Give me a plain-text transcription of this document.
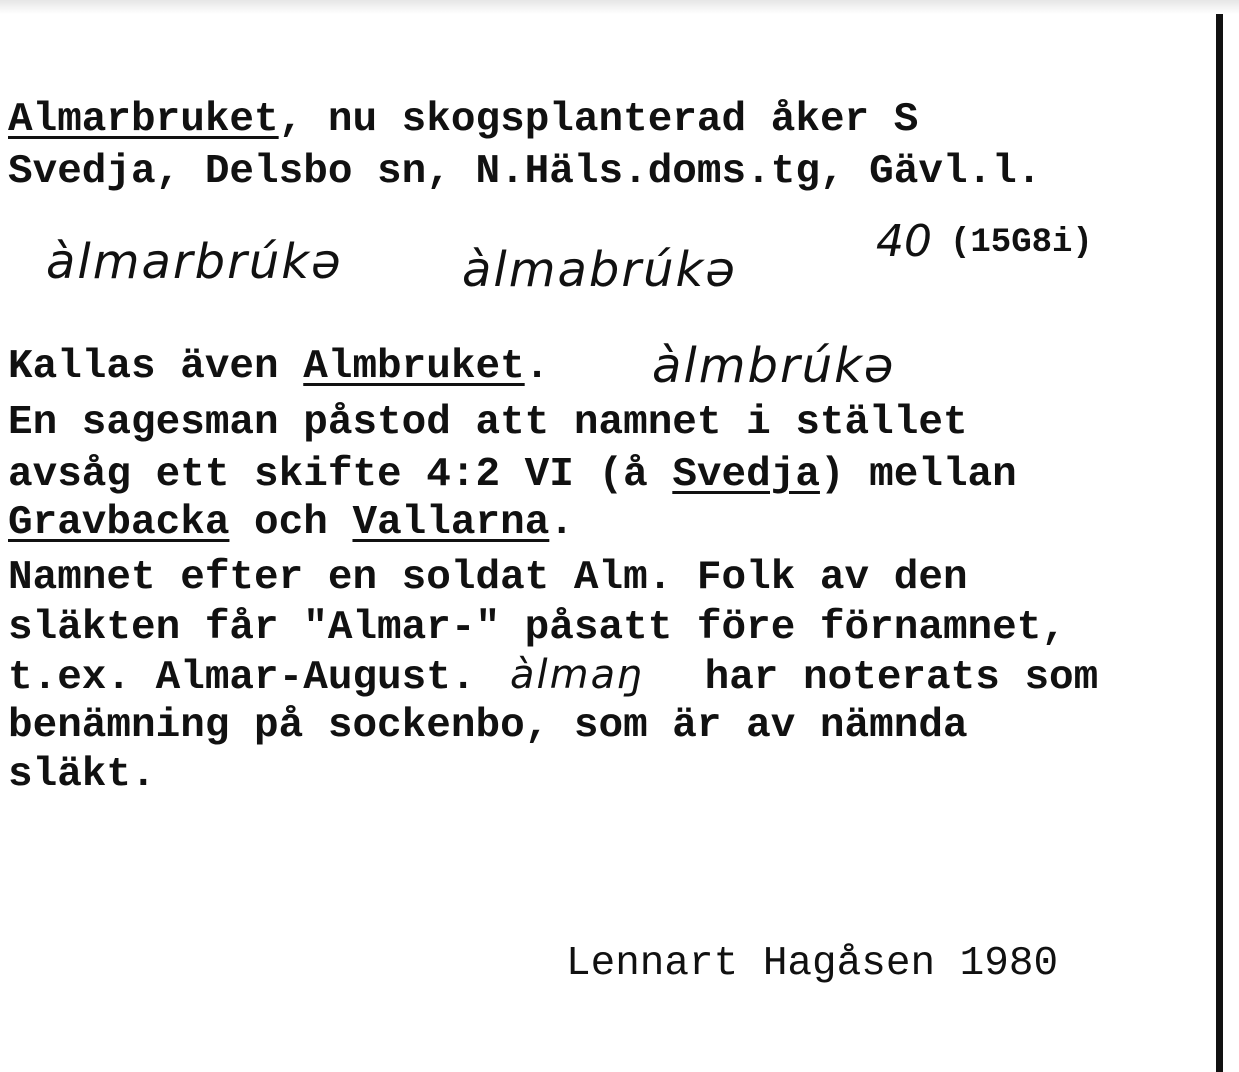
Almarbruket, nu skogsplanterad åker S
Svedja, Delsbo sn, N.Häls.doms.tg, Gävl.l.
àlmarbrúkə àlmabrúkə
40 (15G8i)
Kallas även Almbruket. àlmbrúkə
En sagesman påstod att namnet i stället
avsåg ett skifte 4:2 VI (å Svedja) mellan
Gravbacka och Vallarna.
Namnet efter en soldat Alm. Folk av den
släkten får "Almar-" påsatt före förnamnet,
t.ex. Almar-August. àlmaŋ har noterats som
benämning på sockenbo, som är av nämnda
släkt.
Lennart Hagåsen 1980
